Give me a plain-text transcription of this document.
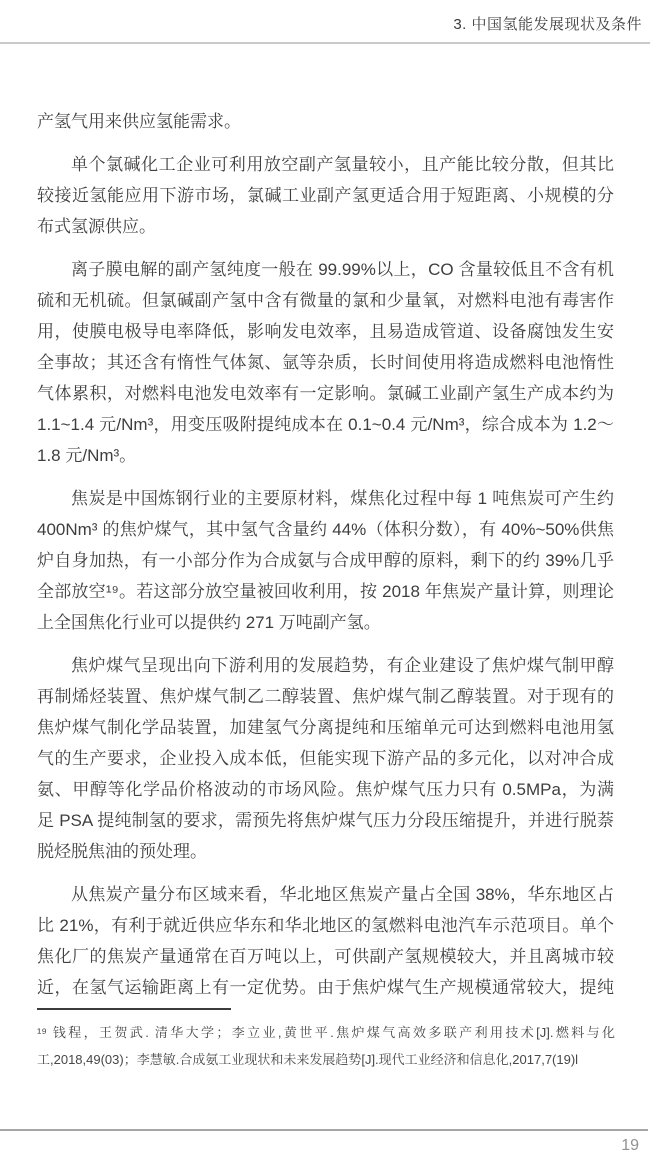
3. 中国氢能发展现状及条件
产氢气用来供应氢能需求。
单个氯碱化工企业可利用放空副产氢量较小，且产能比较分散，但其比
较接近氢能应用下游市场，氯碱工业副产氢更适合用于短距离、小规模的分
布式氢源供应。
离子膜电解的副产氢纯度一般在 99.99%以上，CO 含量较低且不含有机
硫和无机硫。但氯碱副产氢中含有微量的氯和少量氧，对燃料电池有毒害作
用，使膜电极导电率降低，影响发电效率，且易造成管道、设备腐蚀发生安
全事故；其还含有惰性气体氮、氩等杂质，长时间使用将造成燃料电池惰性
气体累积，对燃料电池发电效率有一定影响。氯碱工业副产氢生产成本约为
1.1~1.4 元/Nm³，用变压吸附提纯成本在 0.1~0.4 元/Nm³，综合成本为 1.2～
1.8 元/Nm³。
焦炭是中国炼钢行业的主要原材料，煤焦化过程中每 1 吨焦炭可产生约
400Nm³ 的焦炉煤气，其中氢气含量约 44%（体积分数），有 40%~50%供焦
炉自身加热，有一小部分作为合成氨与合成甲醇的原料，剩下的约 39%几乎
全部放空¹⁹。若这部分放空量被回收利用，按 2018 年焦炭产量计算，则理论
上全国焦化行业可以提供约 271 万吨副产氢。
焦炉煤气呈现出向下游利用的发展趋势，有企业建设了焦炉煤气制甲醇
再制烯烃装置、焦炉煤气制乙二醇装置、焦炉煤气制乙醇装置。对于现有的
焦炉煤气制化学品装置，加建氢气分离提纯和压缩单元可达到燃料电池用氢
气的生产要求，企业投入成本低，但能实现下游产品的多元化，以对冲合成
氨、甲醇等化学品价格波动的市场风险。焦炉煤气压力只有 0.5MPa，为满
足 PSA 提纯制氢的要求，需预先将焦炉煤气压力分段压缩提升，并进行脱萘
脱烃脱焦油的预处理。
从焦炭产量分布区域来看，华北地区焦炭产量占全国 38%，华东地区占
比 21%，有利于就近供应华东和华北地区的氢燃料电池汽车示范项目。单个
焦化厂的焦炭产量通常在百万吨以上，可供副产氢规模较大，并且离城市较
近，在氢气运输距离上有一定优势。由于焦炉煤气生产规模通常较大，提纯
¹⁹ 钱程，王贺武. 清华大学；李立业,黄世平.焦炉煤气高效多联产利用技术[J].燃料与化
工,2018,49(03)；李慧敏.合成氨工业现状和未来发展趋势[J].现代工业经济和信息化,2017,7(19)l
19
